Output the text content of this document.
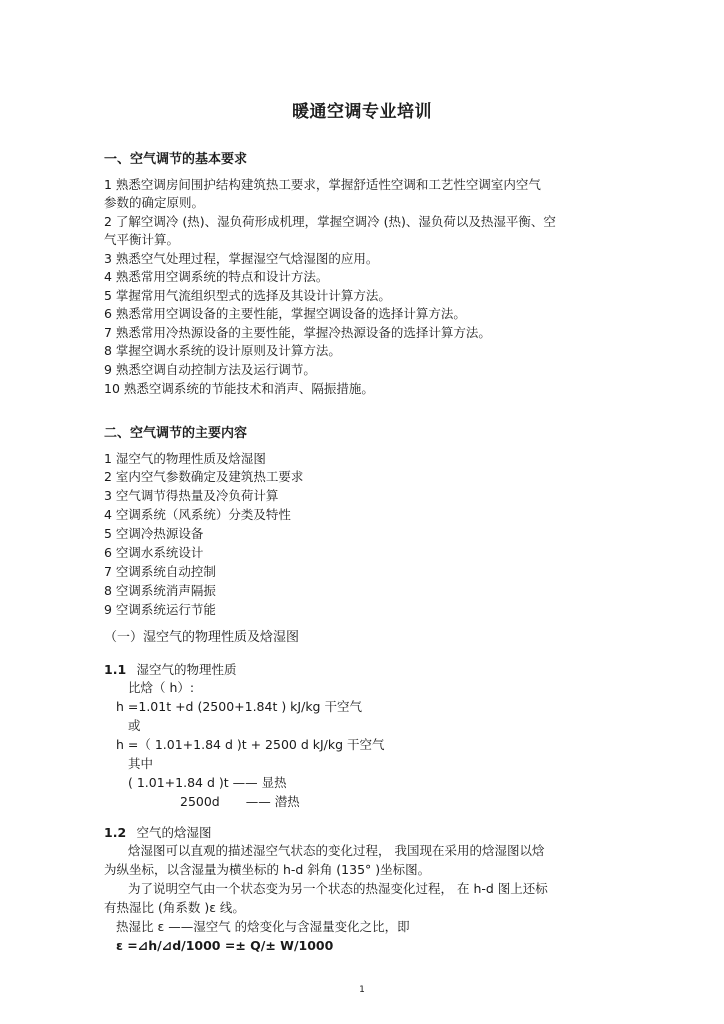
暖通空调专业培训
一、空气调节的基本要求
1 熟悉空调房间围护结构建筑热工要求，掌握舒适性空调和工艺性空调室内空气
参数的确定原则。
2 了解空调冷 (热)、湿负荷形成机理，掌握空调冷 (热)、湿负荷以及热湿平衡、空
气平衡计算。
3 熟悉空气处理过程，掌握湿空气焓湿图的应用。
4 熟悉常用空调系统的特点和设计方法。
5 掌握常用气流组织型式的选择及其设计计算方法。
6 熟悉常用空调设备的主要性能，掌握空调设备的选择计算方法。
7 熟悉常用冷热源设备的主要性能，掌握冷热源设备的选择计算方法。
8 掌握空调水系统的设计原则及计算方法。
9 熟悉空调自动控制方法及运行调节。
10 熟悉空调系统的节能技术和消声、隔振措施。
二、空气调节的主要内容
1 湿空气的物理性质及焓湿图
2 室内空气参数确定及建筑热工要求
3 空气调节得热量及冷负荷计算
4 空调系统（风系统）分类及特性
5 空调冷热源设备
6 空调水系统设计
7 空调系统自动控制
8 空调系统消声隔振
9 空调系统运行节能
（一）湿空气的物理性质及焓湿图
1.1 湿空气的物理性质
比焓（ h）:
h =1.01t +d (2500+1.84t ) kJ/kg 干空气
或
h =（ 1.01+1.84 d )t + 2500 d kJ/kg 干空气
其中
( 1.01+1.84 d )t —— 显热
2500d —— 潜热
1.2 空气的焓湿图
焓湿图可以直观的描述湿空气状态的变化过程， 我国现在采用的焓湿图以焓
为纵坐标，以含湿量为横坐标的 h-d 斜角 (135° )坐标图。
为了说明空气由一个状态变为另一个状态的热湿变化过程， 在 h-d 图上还标
有热湿比 (角系数 )ε 线。
热湿比 ε ——湿空气 的焓变化与含湿量变化之比，即
ε =⊿h/⊿d/1000 =± Q/± W/1000
1
